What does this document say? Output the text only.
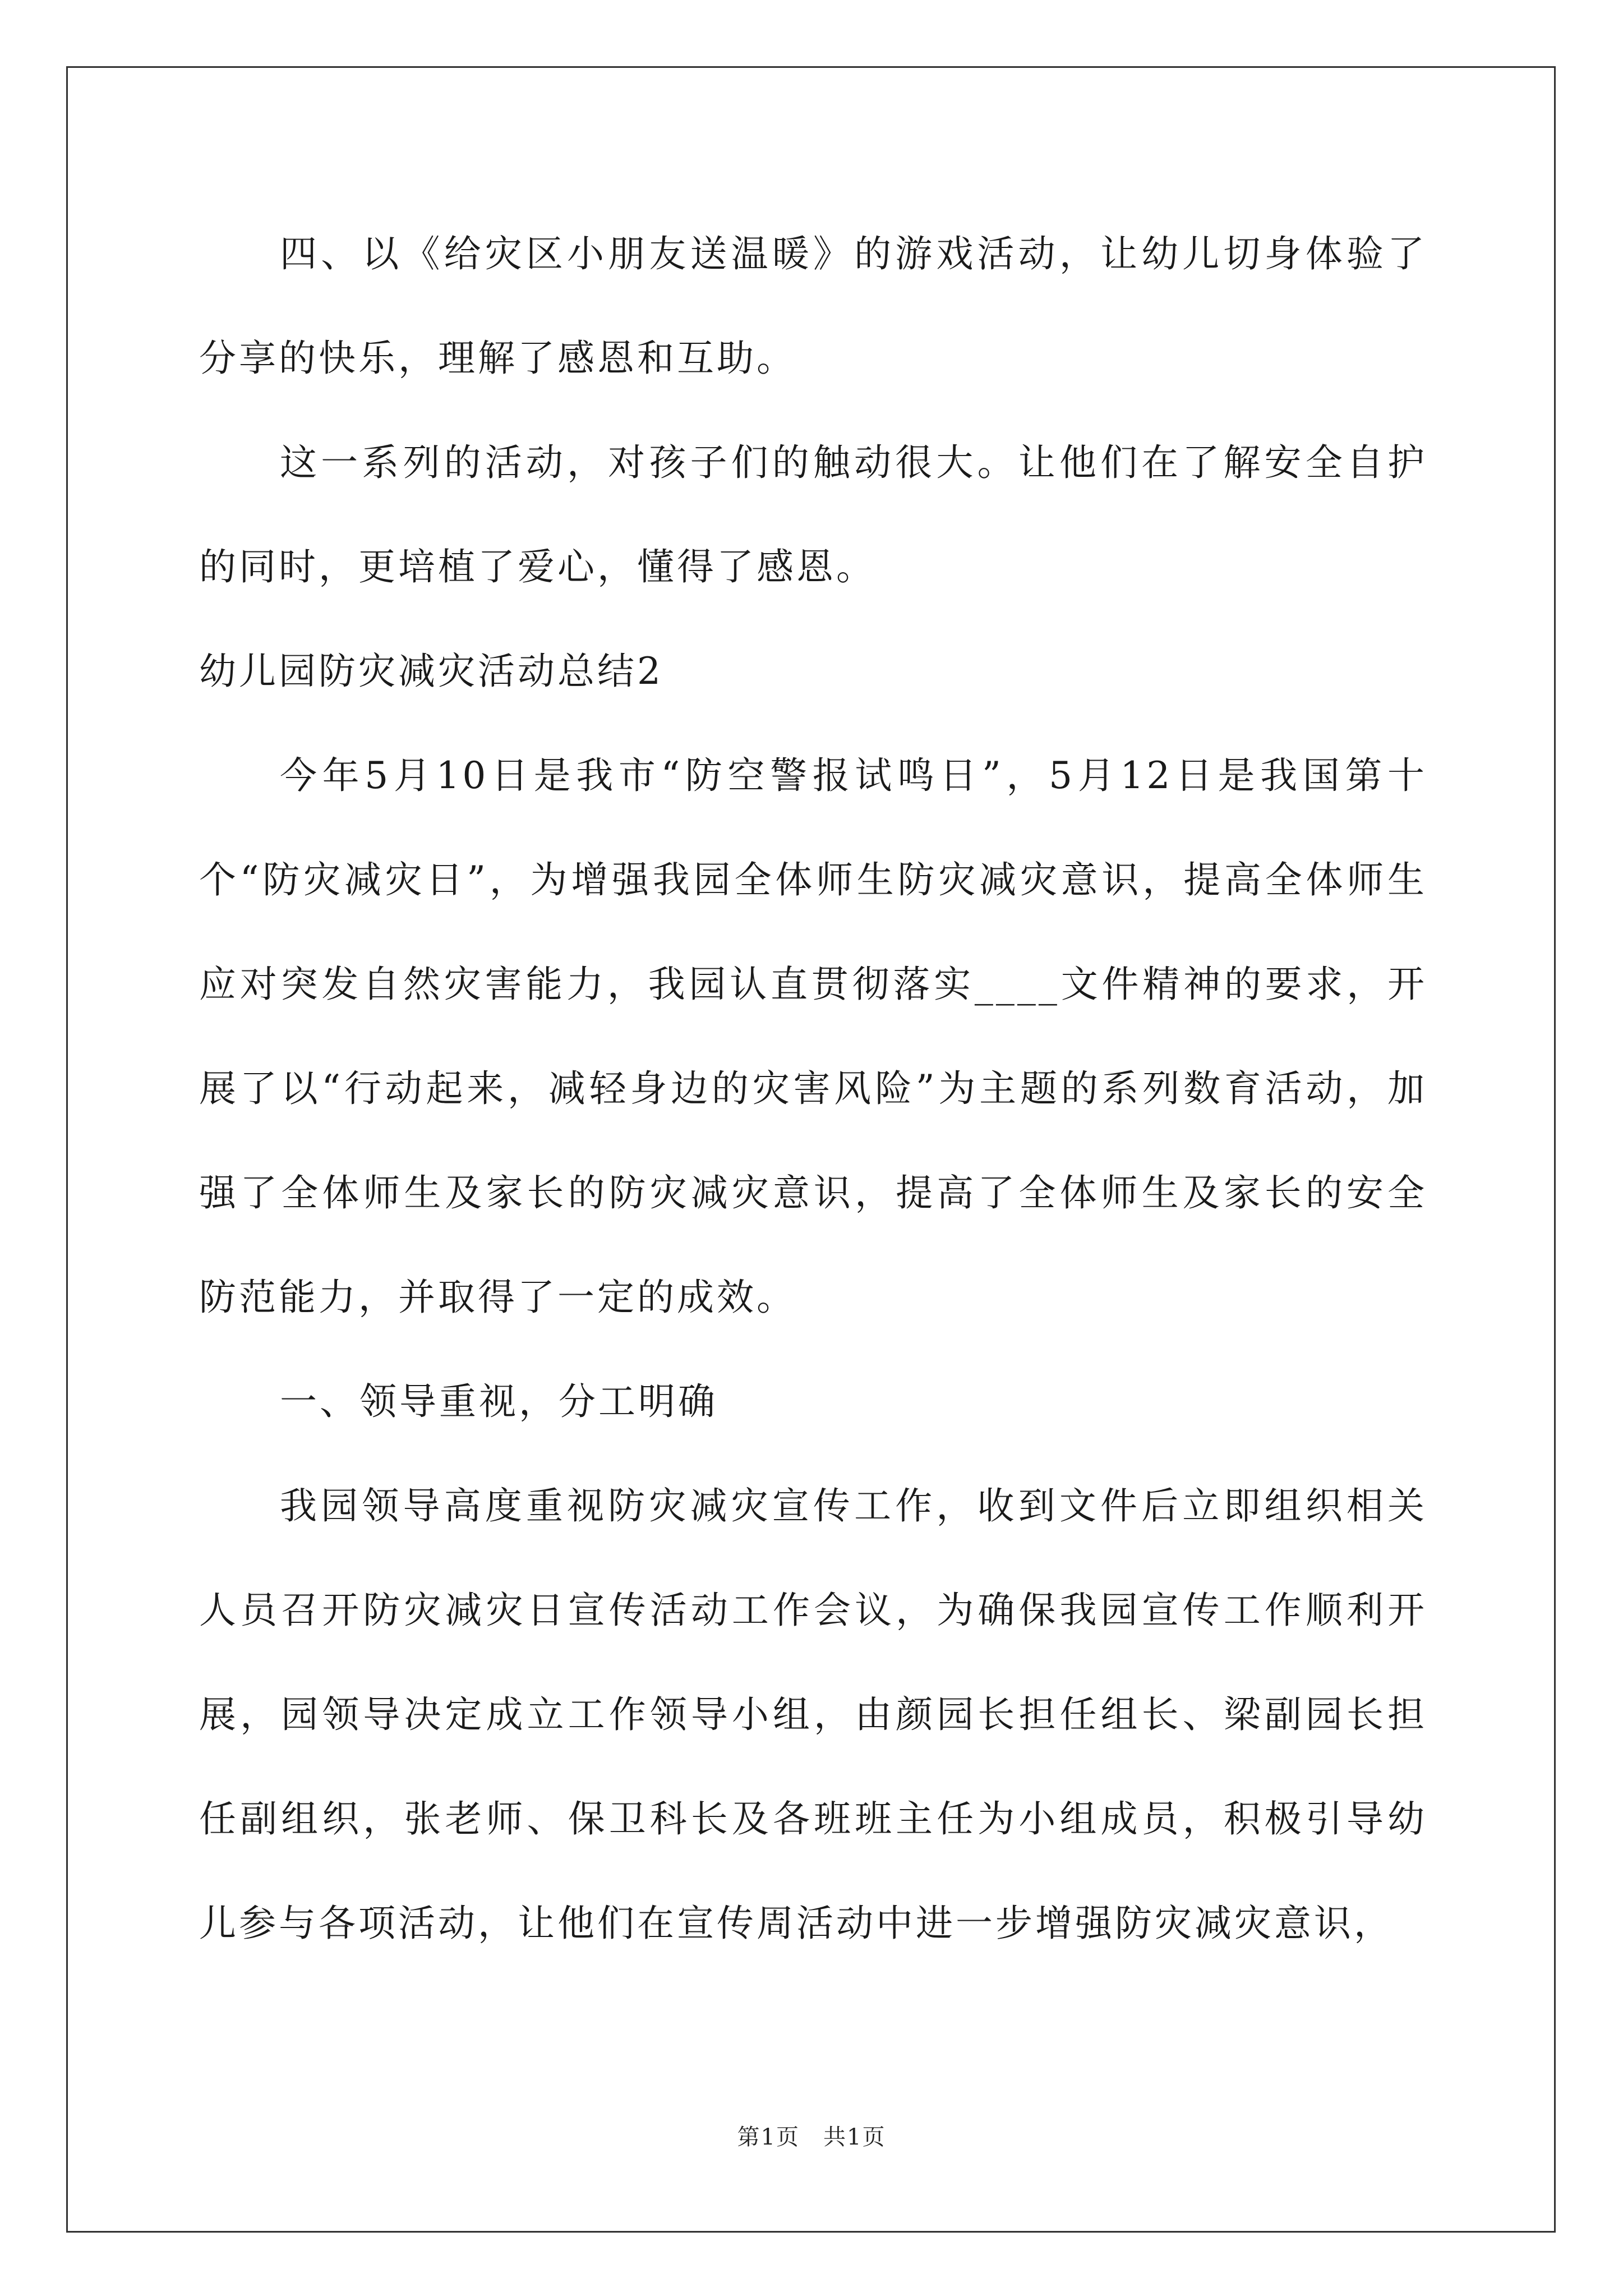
四、以《给灾区小朋友送温暖》的游戏活动，让幼儿切身体验了分享的快乐，理解了感恩和互助。

这一系列的活动，对孩子们的触动很大。让他们在了解安全自护的同时，更培植了爱心，懂得了感恩。

幼儿园防灾减灾活动总结2

今年5月10日是我市“防空警报试鸣日”，5月12日是我国第十个“防灾减灾日”，为增强我园全体师生防灾减灾意识，提高全体师生应对突发自然灾害能力，我园认直贯彻落实____文件精神的要求，开展了以“行动起来，减轻身边的灾害风险”为主题的系列数育活动，加强了全体师生及家长的防灾减灾意识，提高了全体师生及家长的安全防范能力，并取得了一定的成效。

一、领导重视，分工明确

我园领导高度重视防灾减灾宣传工作，收到文件后立即组织相关人员召开防灾减灾日宣传活动工作会议，为确保我园宣传工作顺利开展，园领导决定成立工作领导小组，由颜园长担任组长、梁副园长担任副组织，张老师、保卫科长及各班班主任为小组成员，积极引导幼儿参与各项活动，让他们在宣传周活动中进一步增强防灾减灾意识，

第1页　共1页
